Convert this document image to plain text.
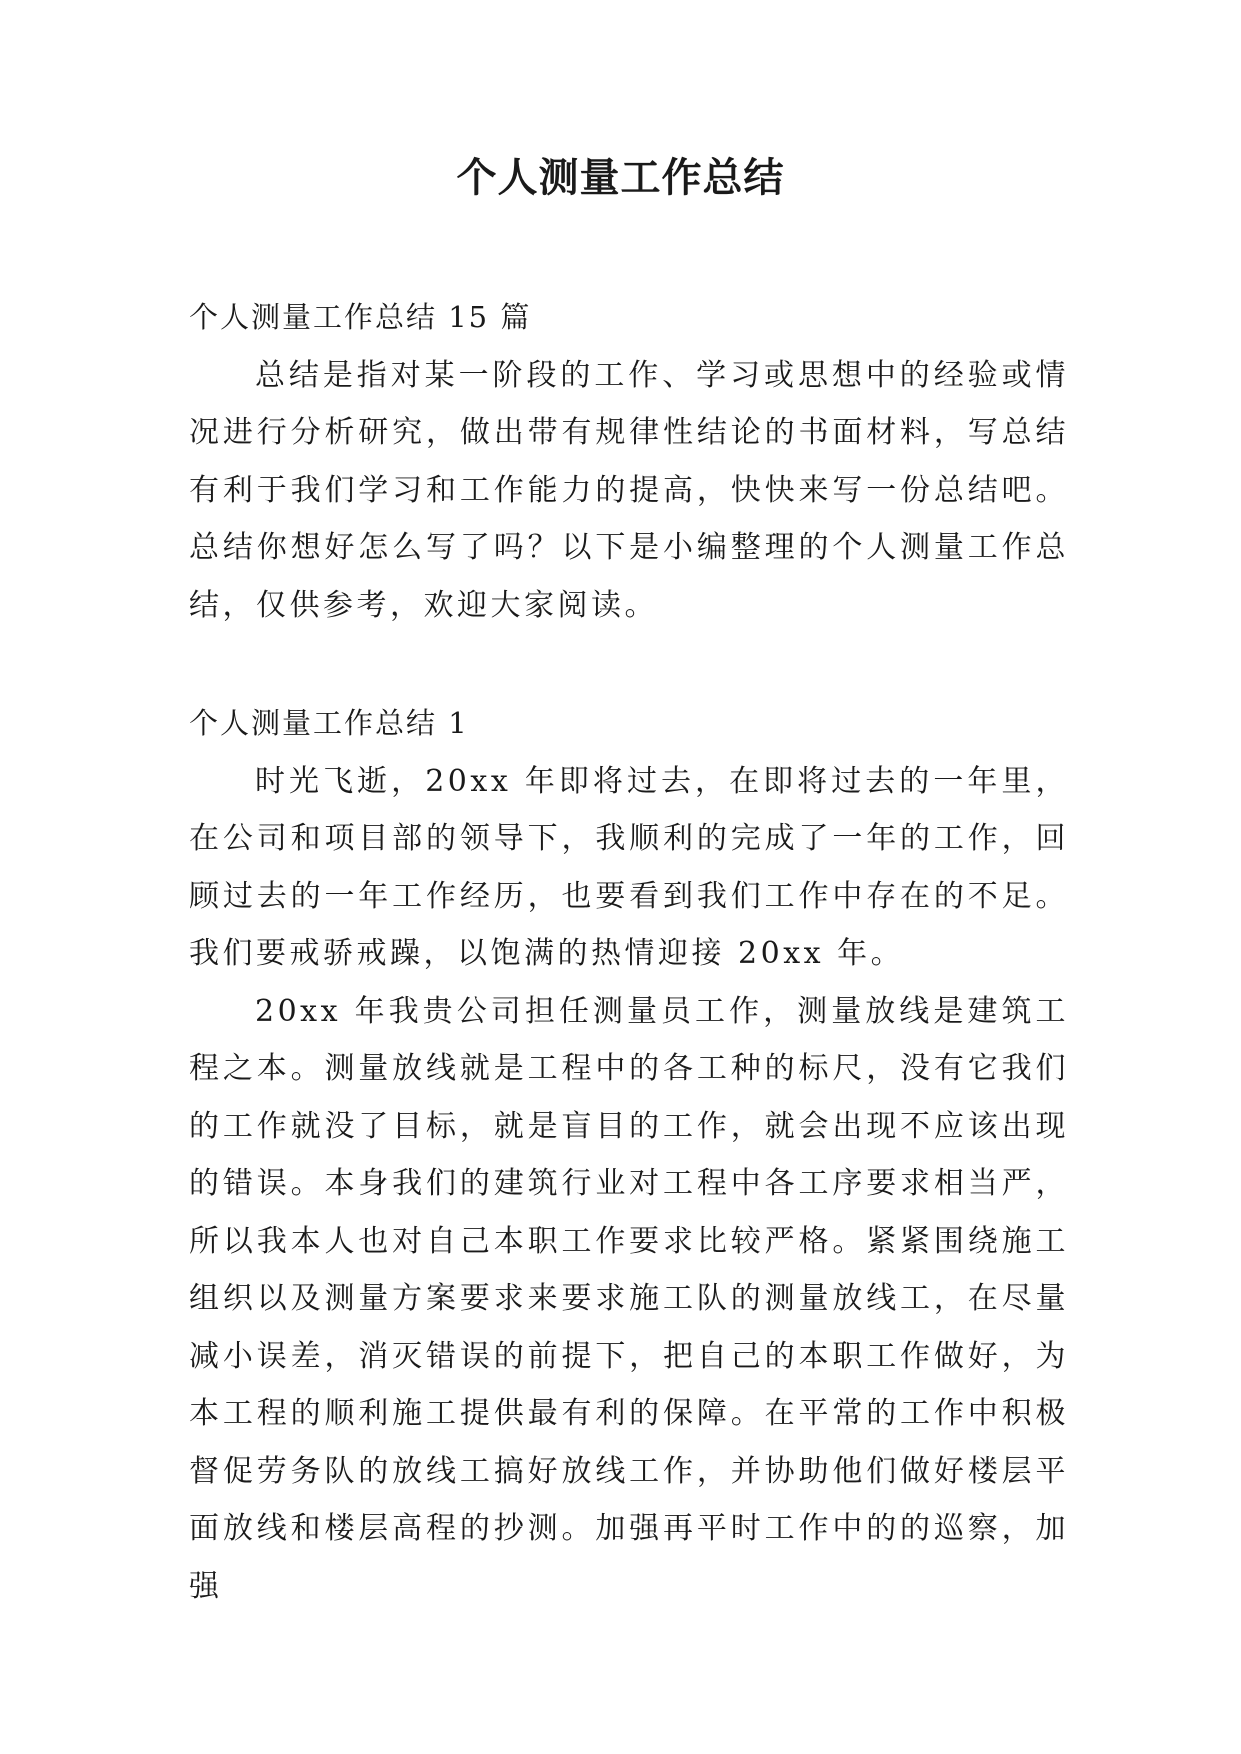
个人测量工作总结
个人测量工作总结 15 篇

总结是指对某一阶段的工作、学习或思想中的经验或情况进行分析研究，做出带有规律性结论的书面材料，写总结有利于我们学习和工作能力的提高，快快来写一份总结吧。总结你想好怎么写了吗？以下是小编整理的个人测量工作总结，仅供参考，欢迎大家阅读。

个人测量工作总结 1

时光飞逝，20xx 年即将过去，在即将过去的一年里，在公司和项目部的领导下，我顺利的完成了一年的工作，回顾过去的一年工作经历，也要看到我们工作中存在的不足。我们要戒骄戒躁，以饱满的热情迎接 20xx 年。

20xx 年我贵公司担任测量员工作，测量放线是建筑工程之本。测量放线就是工程中的各工种的标尺，没有它我们的工作就没了目标，就是盲目的工作，就会出现不应该出现的错误。本身我们的建筑行业对工程中各工序要求相当严，所以我本人也对自己本职工作要求比较严格。紧紧围绕施工组织以及测量方案要求来要求施工队的测量放线工，在尽量减小误差，消灭错误的前提下，把自己的本职工作做好，为本工程的顺利施工提供最有利的保障。在平常的工作中积极督促劳务队的放线工搞好放线工作，并协助他们做好楼层平面放线和楼层高程的抄测。加强再平时工作中的的巡察，加强
